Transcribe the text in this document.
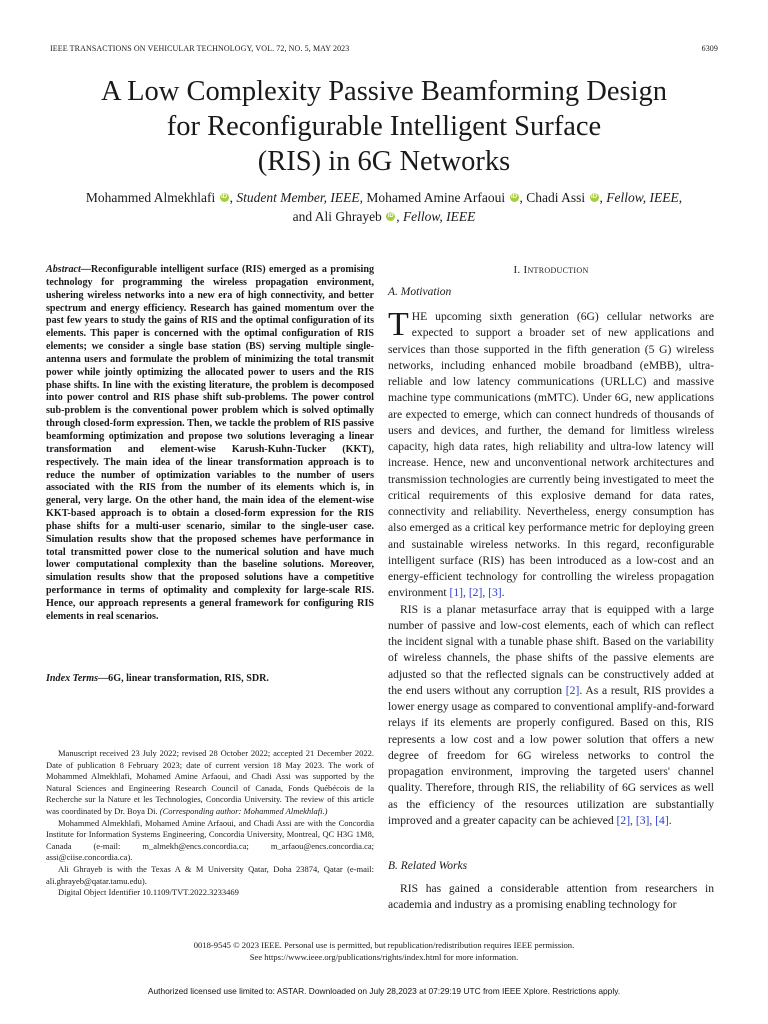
IEEE TRANSACTIONS ON VEHICULAR TECHNOLOGY, VOL. 72, NO. 5, MAY 2023	6309
A Low Complexity Passive Beamforming Design
for Reconfigurable Intelligent Surface
(RIS) in 6G Networks
Mohammed Almekhlafi iD , Student Member, IEEE, Mohamed Amine Arfaoui iD , Chadi Assi iD , Fellow, IEEE,
and Ali Ghrayeb iD , Fellow, IEEE
Abstract—Reconfigurable intelligent surface (RIS) emerged as a promising technology for programming the wireless propagation environment, ushering wireless networks into a new era of high connectivity, and better spectrum and energy efficiency. Research has gained momentum over the past few years to study the gains of RIS and the optimal configuration of its elements. This paper is concerned with the optimal configuration of RIS elements; we consider a single base station (BS) serving multiple single-antenna users and formulate the problem of minimizing the total transmit power while jointly optimizing the allocated power to users and the RIS phase shifts. In line with the existing literature, the problem is decomposed into power control and RIS phase shift sub-problems. The power control sub-problem is the conventional power problem which is solved optimally through closed-form expression. Then, we tackle the problem of RIS passive beamforming optimization and propose two solutions leveraging a linear transformation and element-wise Karush-Kuhn-Tucker (KKT), respectively. The main idea of the linear transformation approach is to reduce the number of optimization variables to the number of users associated with the RIS from the number of its elements which is, in general, very large. On the other hand, the main idea of the element-wise KKT-based approach is to obtain a closed-form expression for the RIS phase shifts for a multi-user scenario, similar to the single-user case. Simulation results show that the proposed schemes have performance in total transmitted power close to the numerical solution and have much lower computational complexity than the baseline solutions. Moreover, simulation results show that the proposed solutions have a competitive performance in terms of optimality and complexity for large-scale RIS. Hence, our approach represents a general framework for configuring RIS elements in real scenarios.
Index Terms—6G, linear transformation, RIS, SDR.

Manuscript received 23 July 2022; revised 28 October 2022; accepted 21 December 2022. Date of publication 8 February 2023; date of current version 18 May 2023. The work of Mohammed Almekhlafi, Mohamed Amine Arfaoui, and Chadi Assi was supported by the Natural Sciences and Engineering Research Council of Canada, Fonds Québécois de la Recherche sur la Nature et les Technologies, Concordia University. The review of this article was coordinated by Dr. Boya Di. (Corresponding author: Mohammed Almekhlafi.)

Mohammed Almekhlafi, Mohamed Amine Arfaoui, and Chadi Assi are with the Concordia Institute for Information Systems Engineering, Concordia University, Montreal, QC H3G 1M8, Canada (e-mail: m_almekh@encs.concordia.ca; m_arfaou@encs.concordia.ca; assi@ciise.concordia.ca).

Ali Ghrayeb is with the Texas A & M University Qatar, Doha 23874, Qatar (e-mail: ali.ghrayeb@qatar.tamu.edu).

Digital Object Identifier 10.1109/TVT.2022.3233469

I. Introduction
A. Motivation

THE upcoming sixth generation (6G) cellular networks are expected to support a broader set of new applications and services than those supported in the fifth generation (5 G) wireless networks, including enhanced mobile broadband (eMBB), ultra-reliable and low latency communications (URLLC) and massive machine type communications (mMTC). Under 6G, new applications are expected to emerge, which can connect hundreds of thousands of users and devices, and further, the demand for limitless wireless capacity, high data rates, high reliability and ultra-low latency will increase. Hence, new and unconventional network architectures and transmission technologies are currently being investigated to meet the critical requirements of this explosive demand for data rates, connectivity and reliability. Nevertheless, energy consumption has also emerged as a critical key performance metric for deploying green and sustainable wireless networks. In this regard, reconfigurable intelligent surface (RIS) has been introduced as a low-cost and an energy-efficient technology for controlling the wireless propagation environment [1], [2], [3].

RIS is a planar metasurface array that is equipped with a large number of passive and low-cost elements, each of which can reflect the incident signal with a tunable phase shift. Based on the variability of wireless channels, the phase shifts of the passive elements are adjusted so that the reflected signals can be constructively added at the end users without any corruption [2]. As a result, RIS provides a lower energy usage as compared to conventional amplify-and-forward relays if its elements are properly configured. Based on this, RIS represents a low cost and a low power solution that offers a new degree of freedom for 6G wireless networks to control the propagation environment, improving the targeted users' channel quality. Therefore, through RIS, the reliability of 6G services as well as the efficiency of the resources utilization are substantially improved and a greater capacity can be achieved [2], [3], [4].

B. Related Works

RIS has gained a considerable attention from researchers in academia and industry as a promising enabling technology for

0018-9545 © 2023 IEEE. Personal use is permitted, but republication/redistribution requires IEEE permission.
See https://www.ieee.org/publications/rights/index.html for more information.
Authorized licensed use limited to: ASTAR. Downloaded on July 28,2023 at 07:29:19 UTC from IEEE Xplore. Restrictions apply.
